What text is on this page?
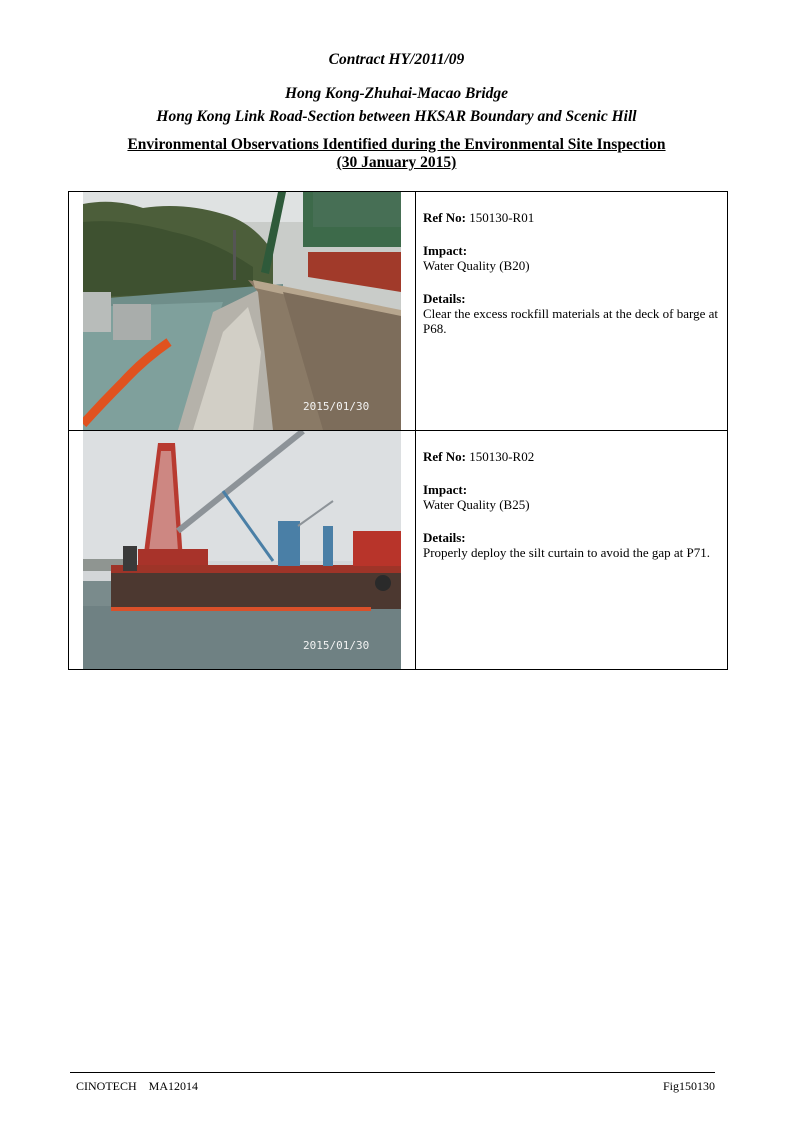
Contract HY/2011/09
Hong Kong-Zhuhai-Macao Bridge
Hong Kong Link Road-Section between HKSAR Boundary and Scenic Hill
Environmental Observations Identified during the Environmental Site Inspection
(30 January 2015)
2015/01/30	Ref No: 150130-R01
Impact:
Water Quality (B20)
Details:
Clear the excess rockfill materials at the deck of barge at P68.

2015/01/30	Ref No: 150130-R02
Impact:
Water Quality (B25)
Details:
Properly deploy the silt curtain to avoid the gap at P71.
CINOTECH MA12014	Fig150130
